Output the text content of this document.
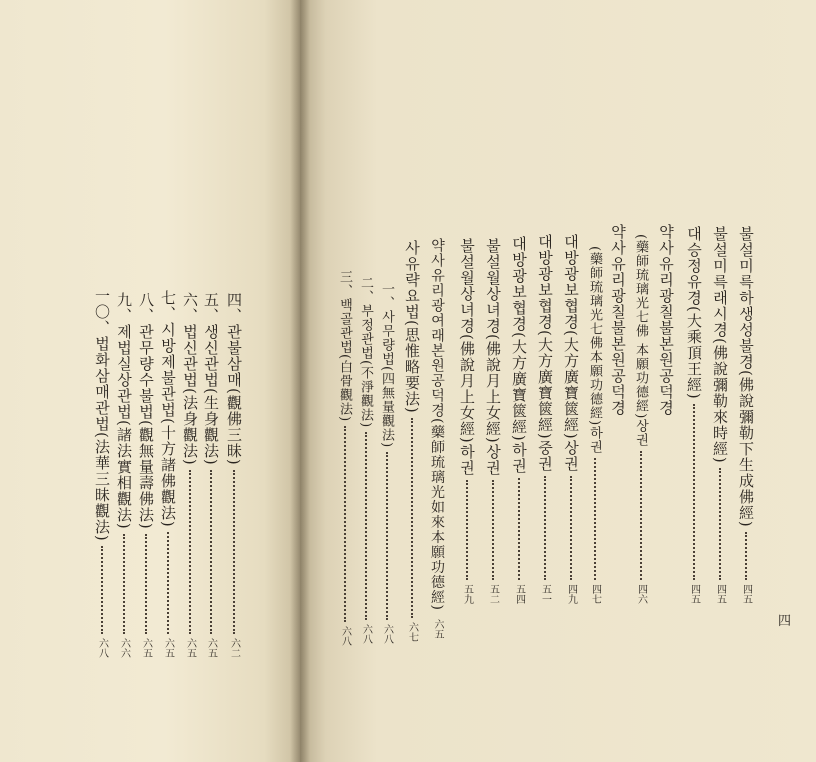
불설미륵하생성불경(佛說彌勒下生成佛經)
四五
불설미륵래시경(佛說彌勒來時經)
四五
대승정유경(大乘頂王經)
四五
약사유리광칠불본원공덕경
(藥師琉璃光七佛 本願功德經)상권
四六
약사유리광칠불본원공덕경
(藥師琉璃光七佛本願功德經)하권
四七
대방광보협경(大方廣寶篋經)상권
四九
대방광보협경(大方廣寶篋經)중권
五一
대방광보협경(大方廣寶篋經)하권
五四
불설월상녀경(佛說月上女經)상권
五二
불설월상녀경(佛說月上女經)하권
五九
약사유리광여래본원공덕경(藥師琉璃光如來本願功德經)
六五
사유략요법(思惟略要法)
六七
一、사무량법(四無量觀法)
六八
二、부정관법(不淨觀法)
六八
三、백골관법(白骨觀法)
六八
四、관불삼매(觀佛三昧)
六二
五、생신관법(生身觀法)
六五
六、법신관법(法身觀法)
六五
七、시방제불관법(十方諸佛觀法)
六五
八、관무량수불법(觀無量壽佛法)
六五
九、제법실상관법(諸法實相觀法)
六六
一〇、법화삼매관법(法華三昧觀法)
六八
四
